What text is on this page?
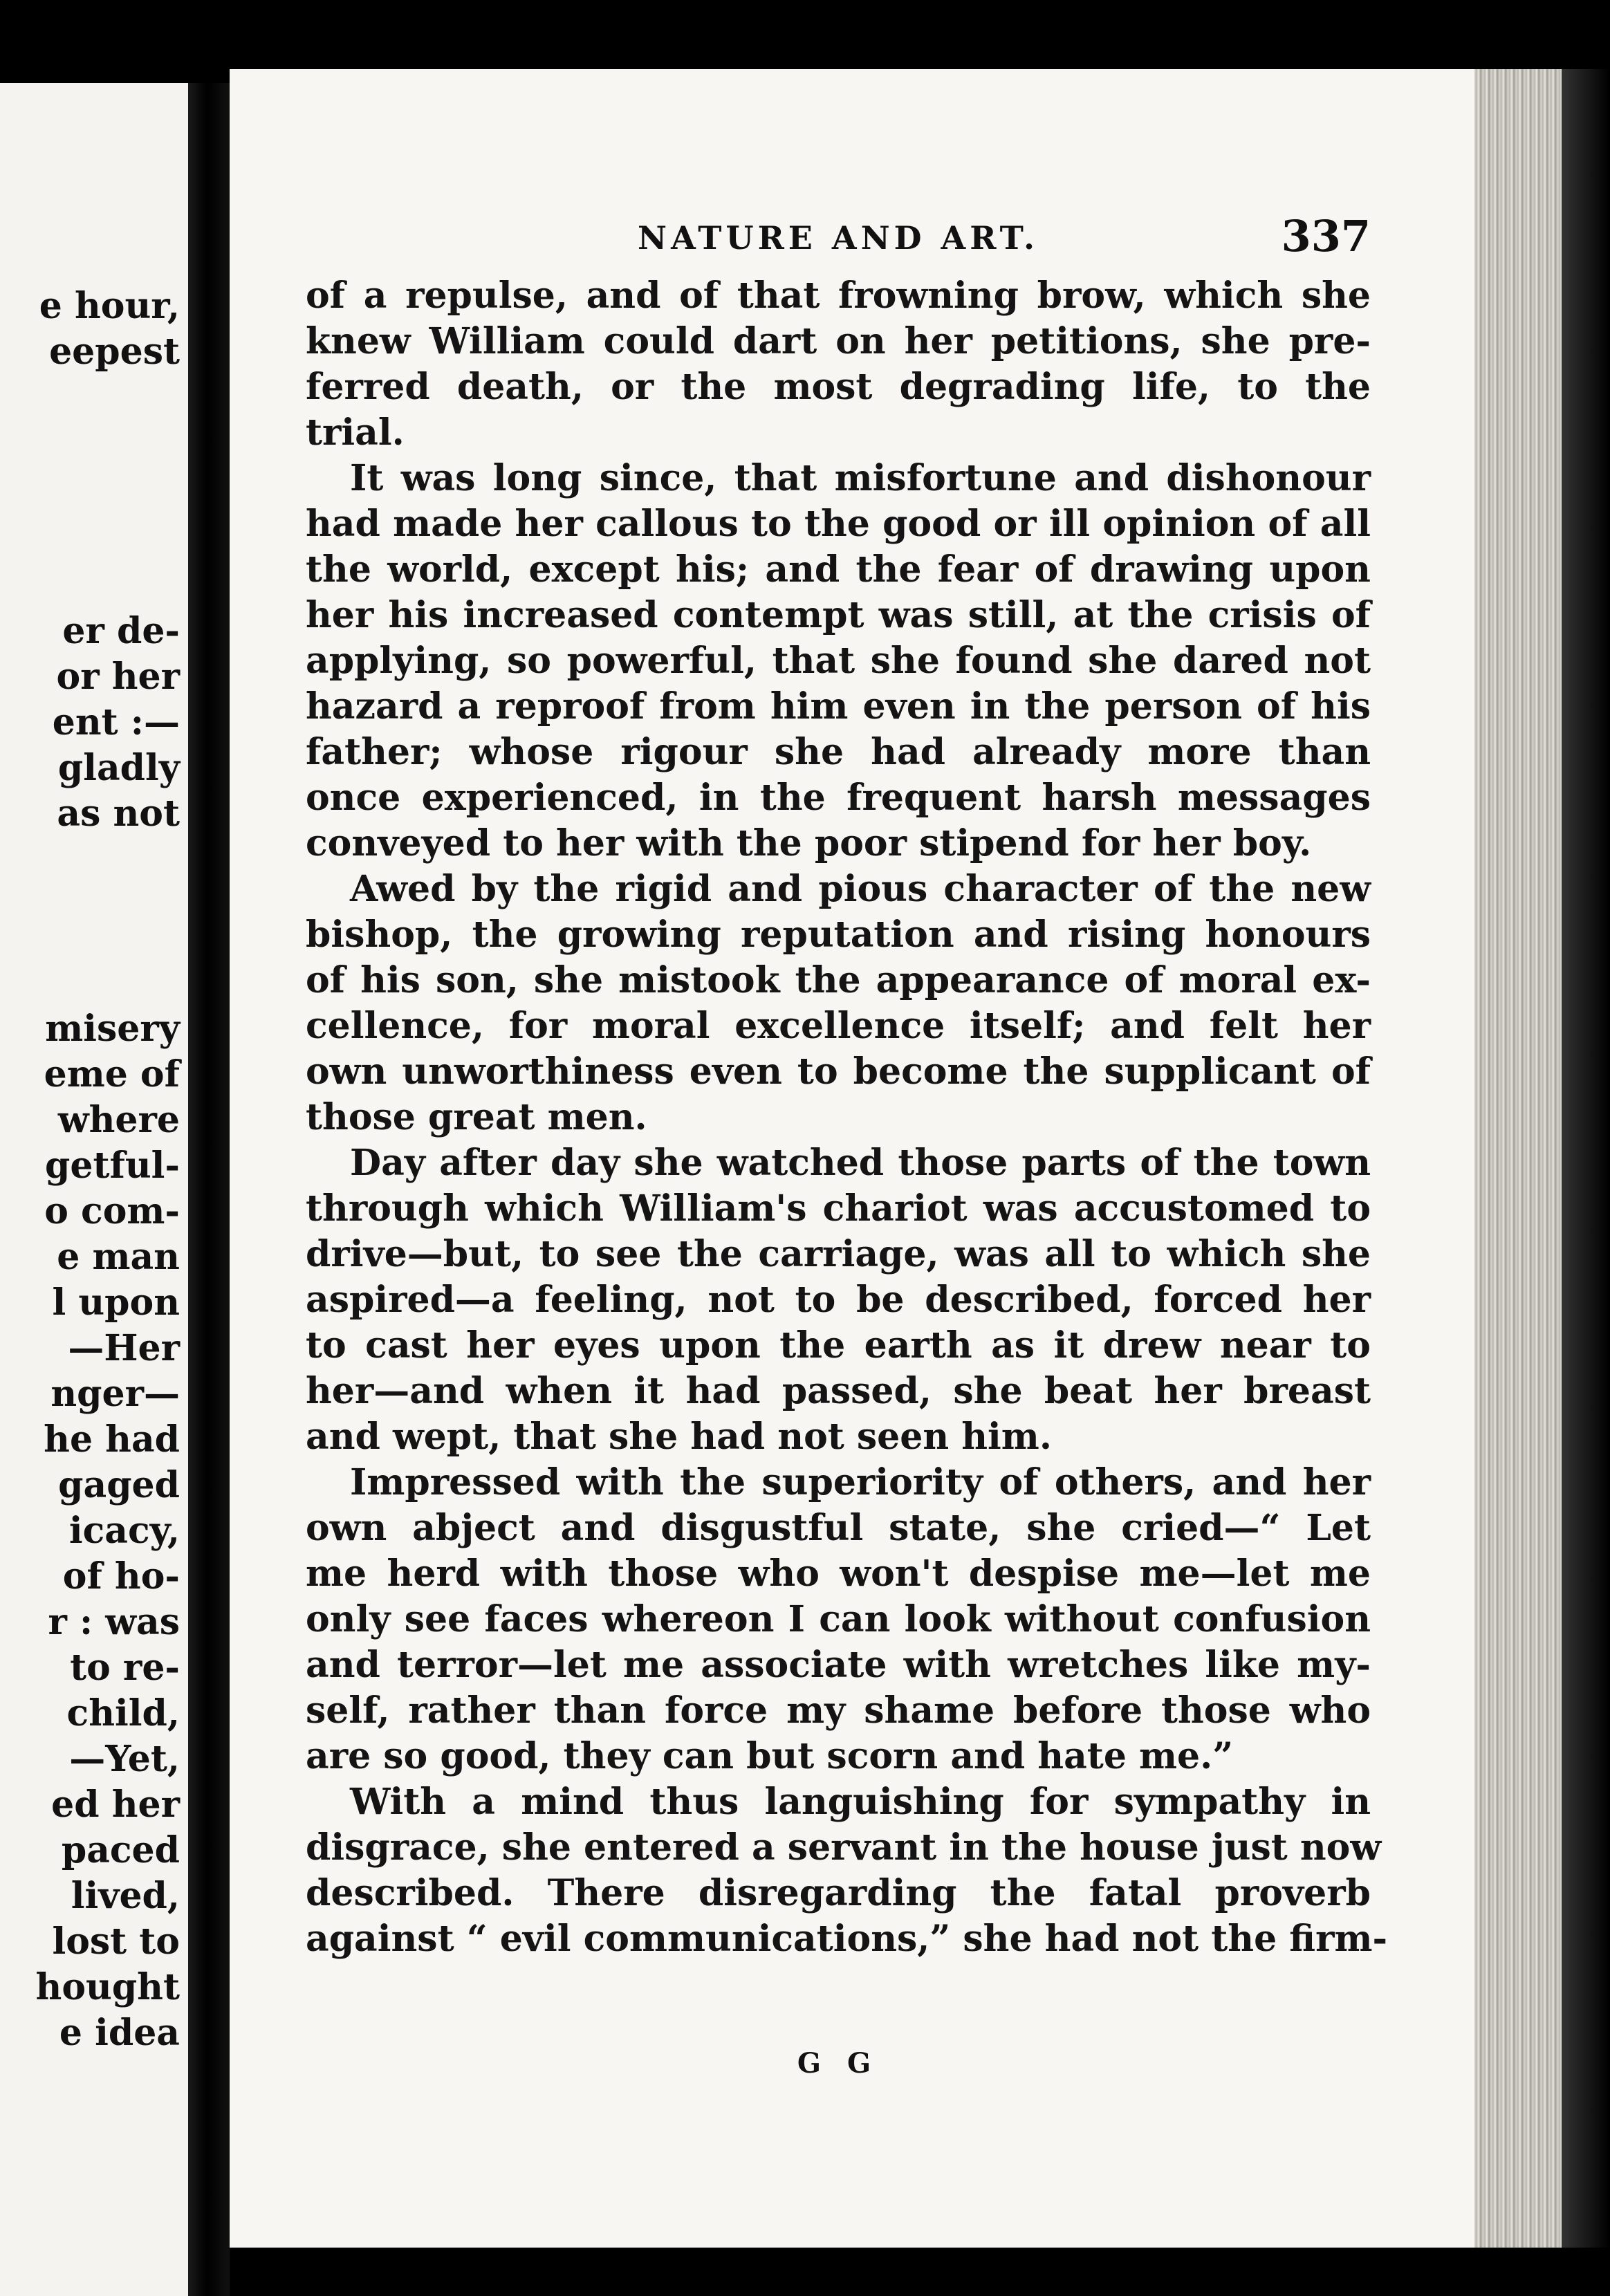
e hour,
eepest
er de-
or her
ent :—
gladly
as not
misery
eme of
where
getful-
o com-
e man
l upon
—Her
nger—
he had
gaged
icacy,
of ho-
r : was
to re-
child,
—Yet,
ed her
paced
lived,
lost to
hought
e idea
NATURE AND ART.	337
of a repulse, and of that frowning brow, which she
knew William could dart on her petitions, she pre-
ferred death, or the most degrading life, to the
trial.
It was long since, that misfortune and dishonour
had made her callous to the good or ill opinion of all
the world, except his; and the fear of drawing upon
her his increased contempt was still, at the crisis of
applying, so powerful, that she found she dared not
hazard a reproof from him even in the person of his
father; whose rigour she had already more than
once experienced, in the frequent harsh messages
conveyed to her with the poor stipend for her boy.
Awed by the rigid and pious character of the new
bishop, the growing reputation and rising honours
of his son, she mistook the appearance of moral ex-
cellence, for moral excellence itself; and felt her
own unworthiness even to become the supplicant of
those great men.
Day after day she watched those parts of the town
through which William's chariot was accustomed to
drive—but, to see the carriage, was all to which she
aspired—a feeling, not to be described, forced her
to cast her eyes upon the earth as it drew near to
her—and when it had passed, she beat her breast
and wept, that she had not seen him.
Impressed with the superiority of others, and her
own abject and disgustful state, she cried—“ Let
me herd with those who won't despise me—let me
only see faces whereon I can look without confusion
and terror—let me associate with wretches like my-
self, rather than force my shame before those who
are so good, they can but scorn and hate me.”
With a mind thus languishing for sympathy in
disgrace, she entered a servant in the house just now
described. There disregarding the fatal proverb
against “ evil communications,” she had not the firm-
G G
